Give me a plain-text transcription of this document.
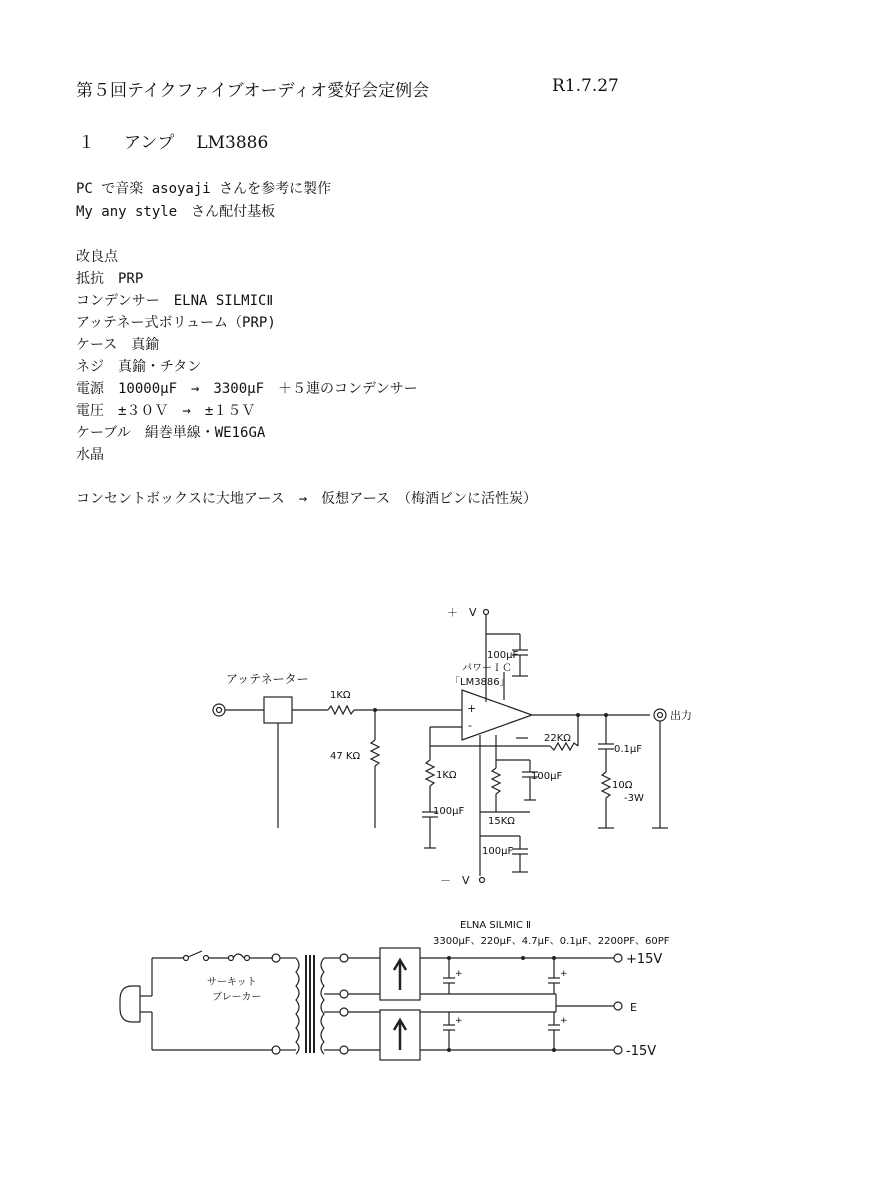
第５回テイクファイブオーディオ愛好会定例会	R1.7.27
１ アンプ LM3886
PC で音楽 asoyaji さんを参考に製作
My any style　さん配付基板
改良点
抵抗　PRP
コンデンサー　ELNA SILMICⅡ
アッテネー式ボリューム（PRP)
ケース　真鍮
ネジ　真鍮・チタン
電源　10000μF　→　3300μF　＋５連のコンデンサー
電圧　±３０Ｖ　→　±１５Ｖ
ケーブル　絹巻単線・WE16GA
水晶
コンセントボックスに大地アース　→　仮想アース　（梅酒ビンに活性炭）
＋　V
－　V
アッテネーター
1KΩ
47 KΩ
+
-
パワーＩＣ
「LM3886」
100μF
出力
22KΩ
1KΩ
100μF
0.1μF
10Ω
-3W
15KΩ
100μF
100μF
ELNA SILMIC Ⅱ
3300μF、220μF、4.7μF、0.1μF、2200PF、60PF
サーキット
ブレーカー
+	+
+	+
+15V
E
-15V
